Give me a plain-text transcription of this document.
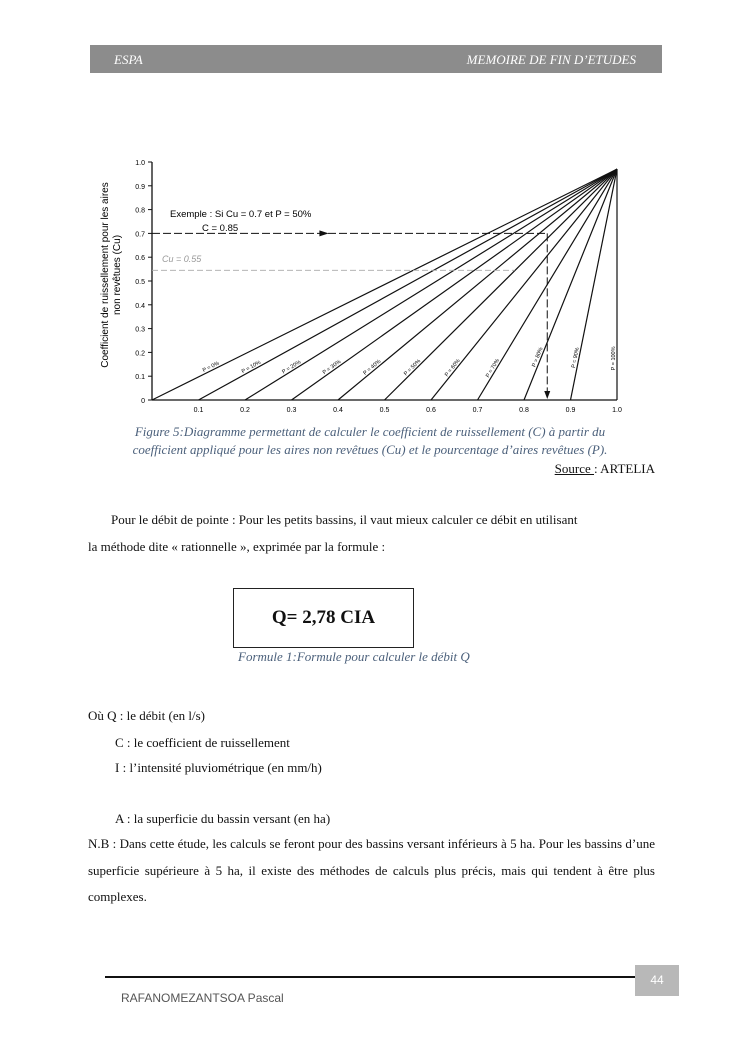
ESPA	MEMOIRE DE FIN D’ETUDES
Coefficient de ruissellement pour les aires non revêtues (Cu)
Exemple : Si Cu = 0.7 et P = 50%
C = 0.85
Cu = 0.55
0
0.1
0.2
0.3
0.4
0.5
0.6
0.7
0.8
0.9
1.0
0.1	0.2	0.3	0.4	0.5	0.6	0.7	0.8	0.9	1.0
P = 0%	P = 10%	P = 20%	P = 30%	P = 40%	P = 50%	P = 60%	P = 70%
P = 80%	P = 90%	P = 100%
Figure 5:Diagramme permettant de calculer le coefficient de ruissellement (C) à partir du
coefficient appliqué pour les aires non revêtues (Cu) et le pourcentage d’aires revêtues (P).
Source : ARTELIA
Pour le débit de pointe : Pour les petits bassins, il vaut mieux calculer ce débit en utilisant
la méthode dite « rationnelle », exprimée par la formule :
Q= 2,78 CIA
Formule 1:Formule pour calculer le débit Q
Où Q : le débit (en l/s)
C : le coefficient de ruissellement
I : l’intensité pluviométrique (en mm/h)
A : la superficie du bassin versant (en ha)
N.B : Dans cette étude, les calculs se feront pour des bassins versant inférieurs à 5 ha. Pour les bassins d’une superficie supérieure à 5 ha, il existe des méthodes de calculs plus précis, mais qui tendent à être plus complexes.
44
RAFANOMEZANTSOA Pascal
